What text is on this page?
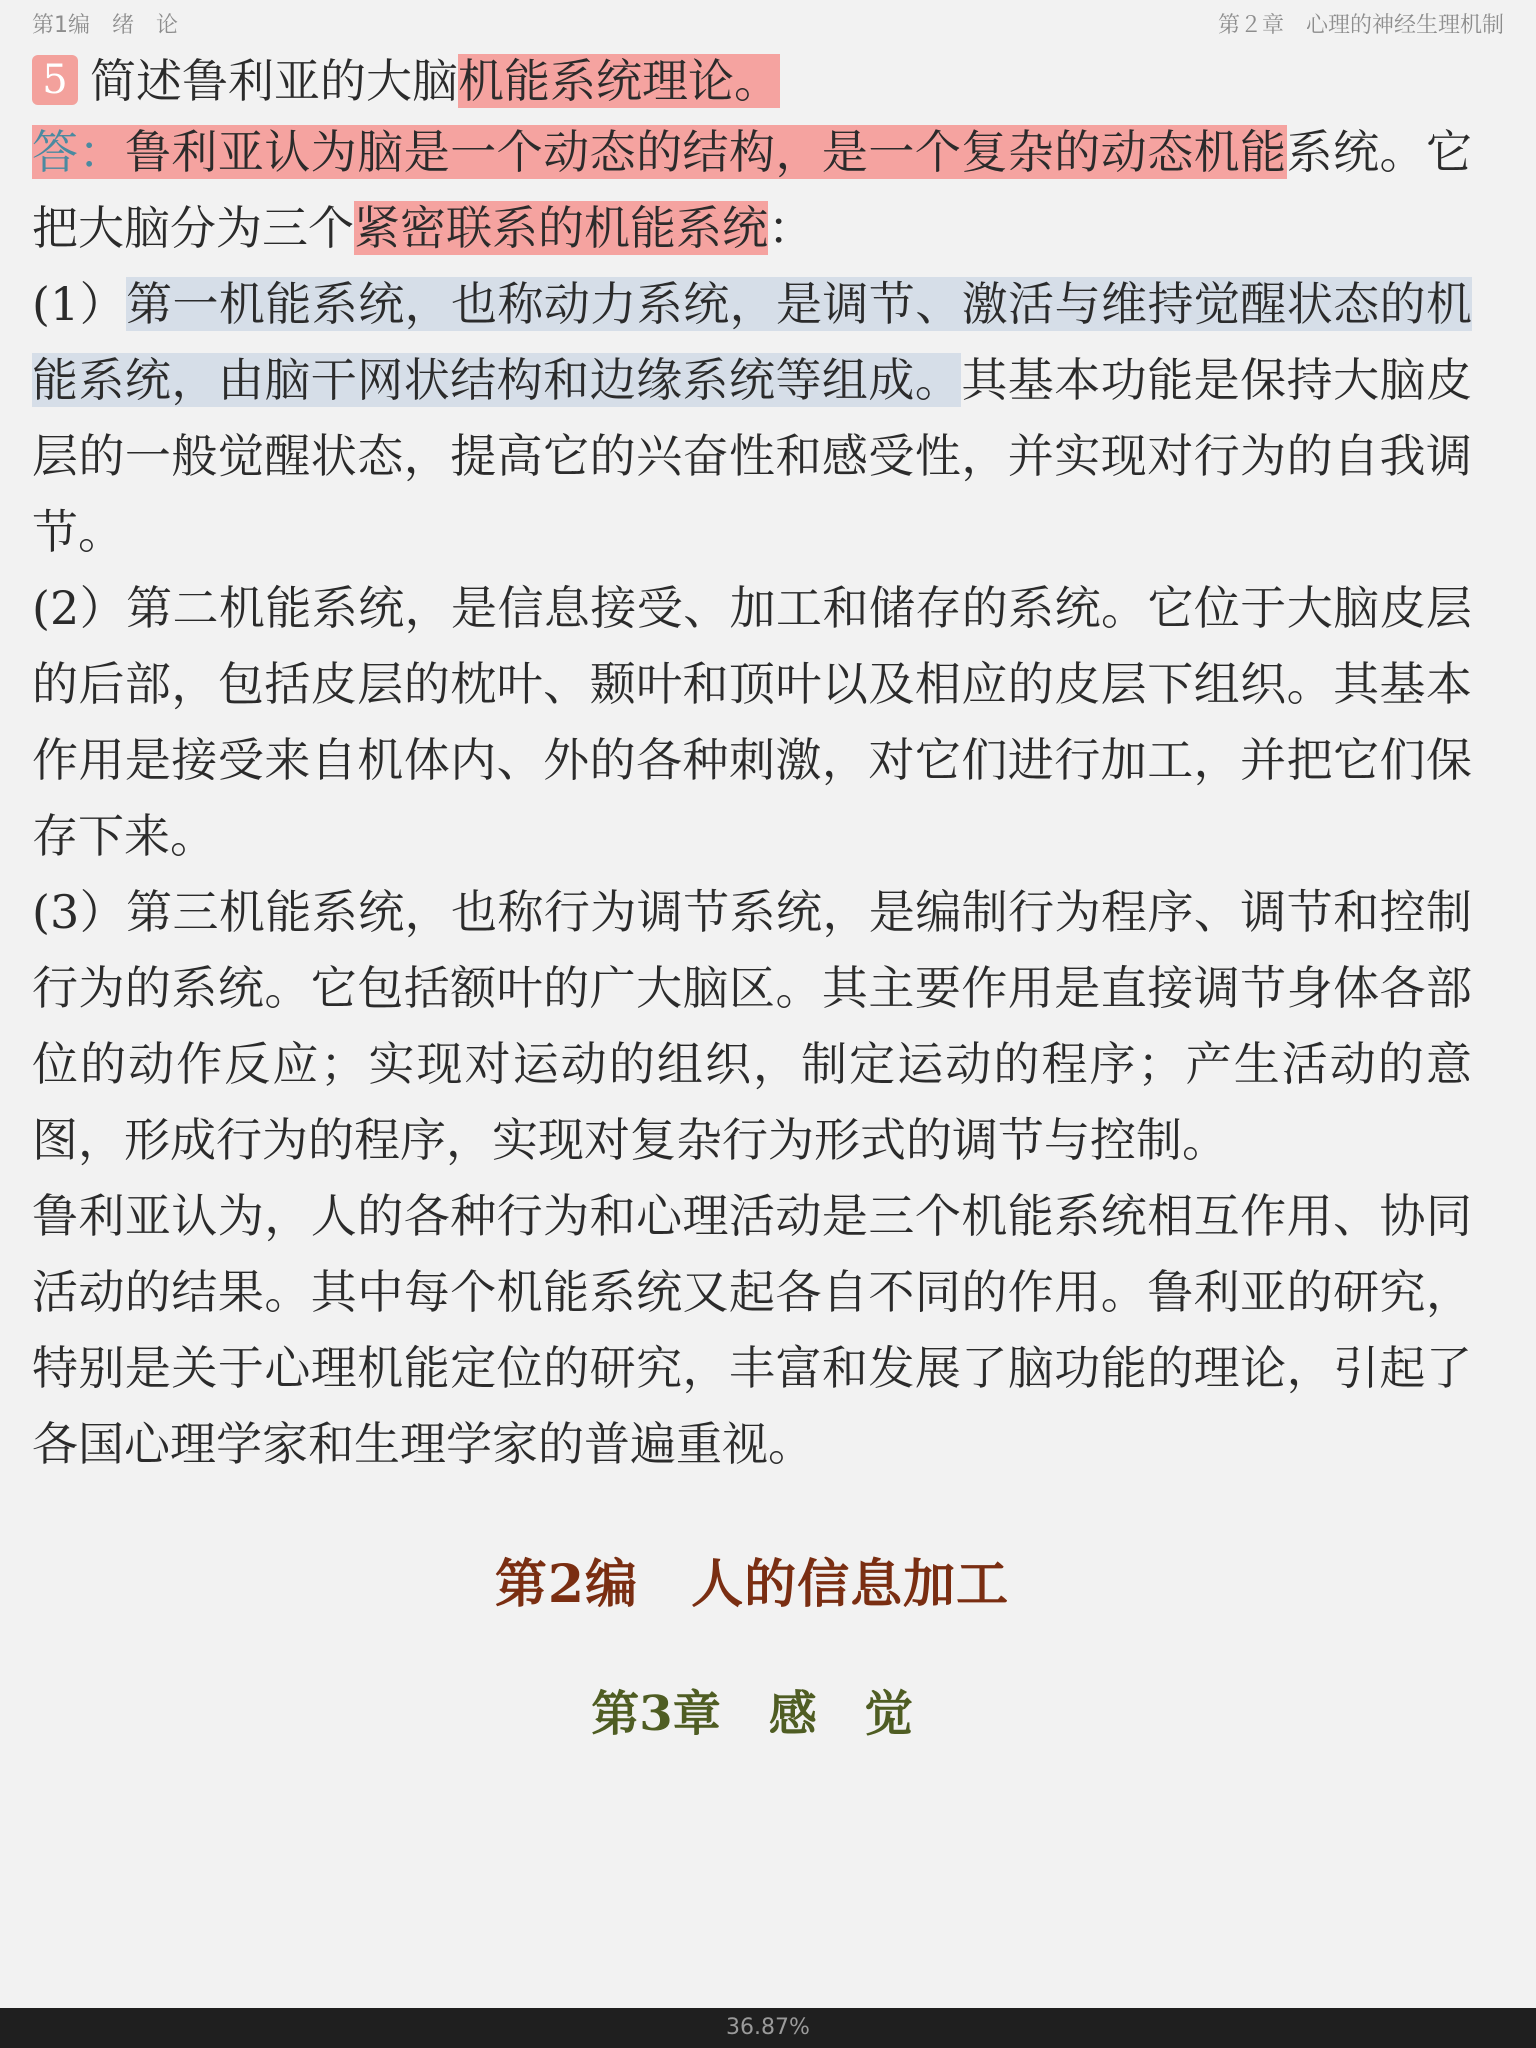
第1编　绪　论	第２章　心理的神经生理机制
5 简述鲁利亚的大脑机能系统理论。

答：鲁利亚认为脑是一个动态的结构，是一个复杂的动态机能系统。它把大脑分为三个紧密联系的机能系统：

(1）第一机能系统，也称动力系统，是调节、激活与维持觉醒状态的机能系统，由脑干网状结构和边缘系统等组成。其基本功能是保持大脑皮层的一般觉醒状态，提高它的兴奋性和感受性，并实现对行为的自我调节。

(2）第二机能系统，是信息接受、加工和储存的系统。它位于大脑皮层的后部，包括皮层的枕叶、颞叶和顶叶以及相应的皮层下组织。其基本作用是接受来自机体内、外的各种刺激，对它们进行加工，并把它们保存下来。

(3）第三机能系统，也称行为调节系统，是编制行为程序、调节和控制行为的系统。它包括额叶的广大脑区。其主要作用是直接调节身体各部位的动作反应；实现对运动的组织，制定运动的程序；产生活动的意图，形成行为的程序，实现对复杂行为形式的调节与控制。

鲁利亚认为，人的各种行为和心理活动是三个机能系统相互作用、协同活动的结果。其中每个机能系统又起各自不同的作用。鲁利亚的研究，特别是关于心理机能定位的研究，丰富和发展了脑功能的理论，引起了各国心理学家和生理学家的普遍重视。

第2编　人的信息加工
第3章　感　觉
36.87%
